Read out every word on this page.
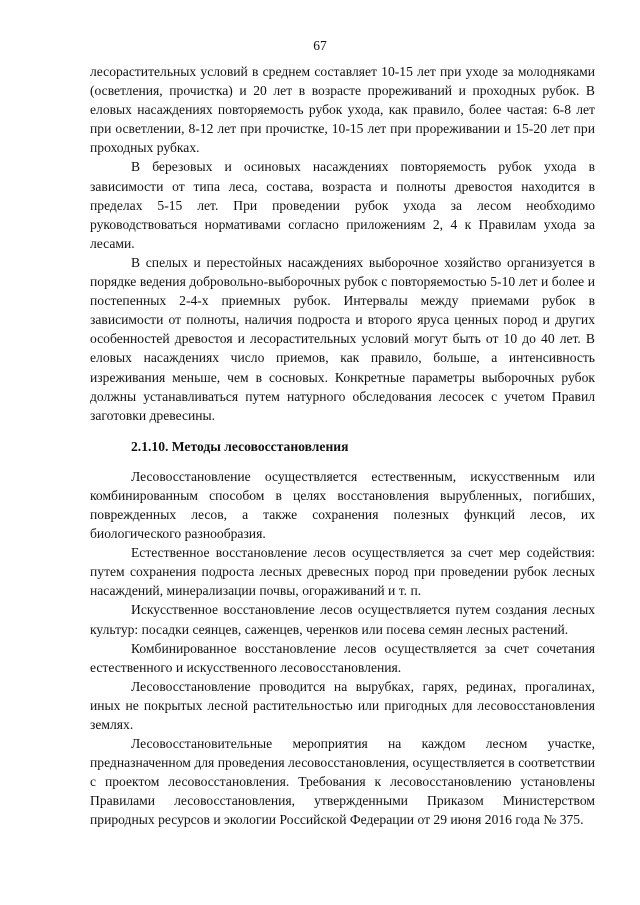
67

лесорастительных условий в среднем составляет 10-15 лет при уходе за молодняками (осветления, прочистка) и 20 лет в возрасте прореживаний и проходных рубок. В еловых насаждениях повторяемость рубок ухода, как правило, более частая: 6-8 лет при осветлении, 8-12 лет при прочистке, 10-15 лет при прореживании и 15-20 лет при проходных рубках.

В березовых и осиновых насаждениях повторяемость рубок ухода в зависимости от типа леса, состава, возраста и полноты древостоя находится в пределах 5-15 лет. При проведении рубок ухода за лесом необходимо руководствоваться нормативами согласно приложениям 2, 4 к Правилам ухода за лесами.

В спелых и перестойных насаждениях выборочное хозяйство организуется в порядке ведения добровольно-выборочных рубок с повторяемостью 5-10 лет и более и постепенных 2-4-х приемных рубок. Интервалы между приемами рубок в зависимости от полноты, наличия подроста и второго яруса ценных пород и других особенностей древостоя и лесорастительных условий могут быть от 10 до 40 лет. В еловых насаждениях число приемов, как правило, больше, а интенсивность изреживания меньше, чем в сосновых. Конкретные параметры выборочных рубок должны устанавливаться путем натурного обследования лесосек с учетом Правил заготовки древесины.

2.1.10. Методы лесовосстановления

Лесовосстановление осуществляется естественным, искусственным или комбинированным способом в целях восстановления вырубленных, погибших, поврежденных лесов, а также сохранения полезных функций лесов, их биологического разнообразия.

Естественное восстановление лесов осуществляется за счет мер содействия: путем сохранения подроста лесных древесных пород при проведении рубок лесных насаждений, минерализации почвы, огораживаний и т. п.

Искусственное восстановление лесов осуществляется путем создания лесных культур: посадки сеянцев, саженцев, черенков или посева семян лесных растений.

Комбинированное восстановление лесов осуществляется за счет сочетания естественного и искусственного лесовосстановления.

Лесовосстановление проводится на вырубках, гарях, рединах, прогалинах, иных не покрытых лесной растительностью или пригодных для лесовосстановления землях.

Лесовосстановительные мероприятия на каждом лесном участке, предназначенном для проведения лесовосстановления, осуществляется в соответствии с проектом лесовосстановления. Требования к лесовосстановлению установлены Правилами лесовосстановления, утвержденными Приказом Министерством природных ресурсов и экологии Российской Федерации от 29 июня 2016 года № 375.
